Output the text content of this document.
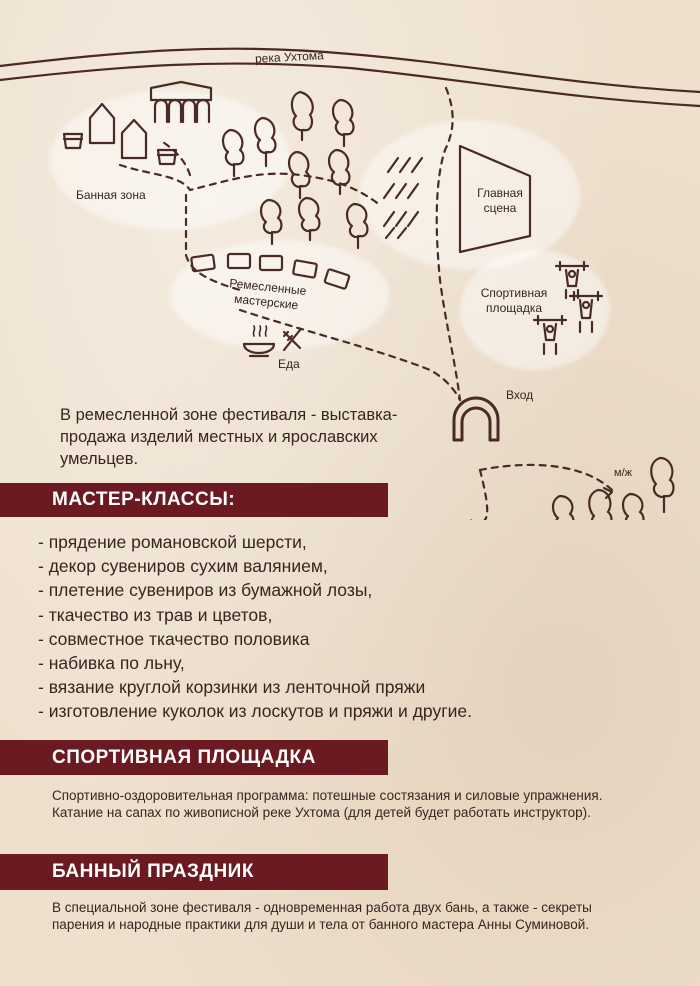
река Ухтома
Банная зона	Главная сцена
Спортивная площадка
Ремесленные мастерские
Еда
Вход
м/ж
В ремесленной зоне фестиваля - выставка-продажа изделий местных и ярославских умельцев.
МАСТЕР-КЛАССЫ:
- прядение романовской шерсти,
- декор сувениров сухим валянием,
- плетение сувениров из бумажной лозы,
- ткачество из трав и цветов,
- совместное ткачество половика
- набивка по льну,
- вязание круглой корзинки из ленточной пряжи
- изготовление куколок из лоскутов и пряжи и другие.
СПОРТИВНАЯ ПЛОЩАДКА
Спортивно-оздоровительная программа: потешные состязания и силовые упражнения. Катание на сапах по живописной реке Ухтома (для детей будет работать инструктор).
БАННЫЙ ПРАЗДНИК
В специальной зоне фестиваля - одновременная работа двух бань, а также - секреты парения и народные практики для души и тела от банного мастера Анны Суминовой.
